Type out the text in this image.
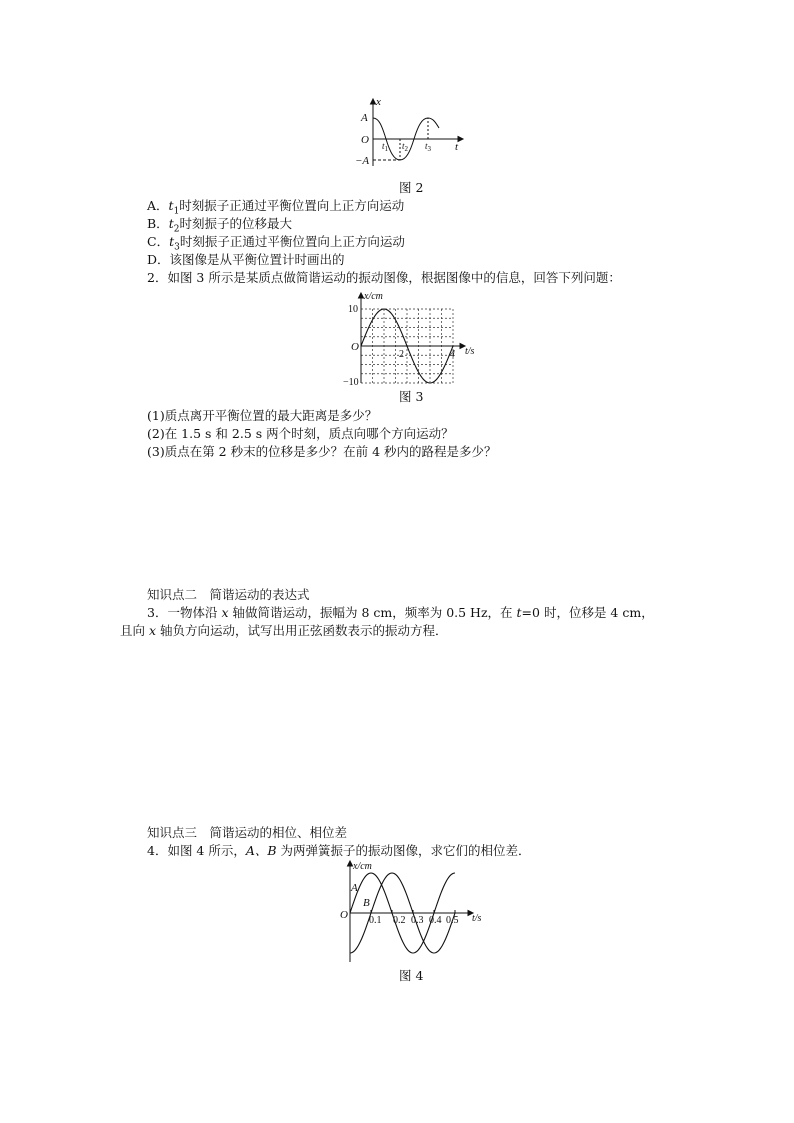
x
t
A
O
−A
$t_1$ $t_2$ $t_3$
图 2
A．$t_1$时刻振子正通过平衡位置向上正方向运动
B．$t_2$时刻振子的位移最大
C．$t_3$时刻振子正通过平衡位置向上正方向运动
D．该图像是从平衡位置计时画出的
2．如图 3 所示是某质点做简谐运动的振动图像，根据图像中的信息，回答下列问题：
x/cm
t/s
O
10
−10
2	4
图 3
(1)质点离开平衡位置的最大距离是多少？
(2)在 1.5 s 和 2.5 s 两个时刻，质点向哪个方向运动？
(3)质点在第 2 秒末的位移是多少？在前 4 秒内的路程是多少？
知识点二　简谐运动的表达式
3．一物体沿 x 轴做简谐运动，振幅为 8 cm，频率为 0.5 Hz，在 t=0 时，位移是 4 cm，
且向 x 轴负方向运动，试写出用正弦函数表示的振动方程．
知识点三　简谐运动的相位、相位差
4．如图 4 所示，A、B 为两弹簧振子的振动图像，求它们的相位差．
x/cm
t/s
O
A
B
0.1 0.2 0.3 0.4 0.5
图 4
